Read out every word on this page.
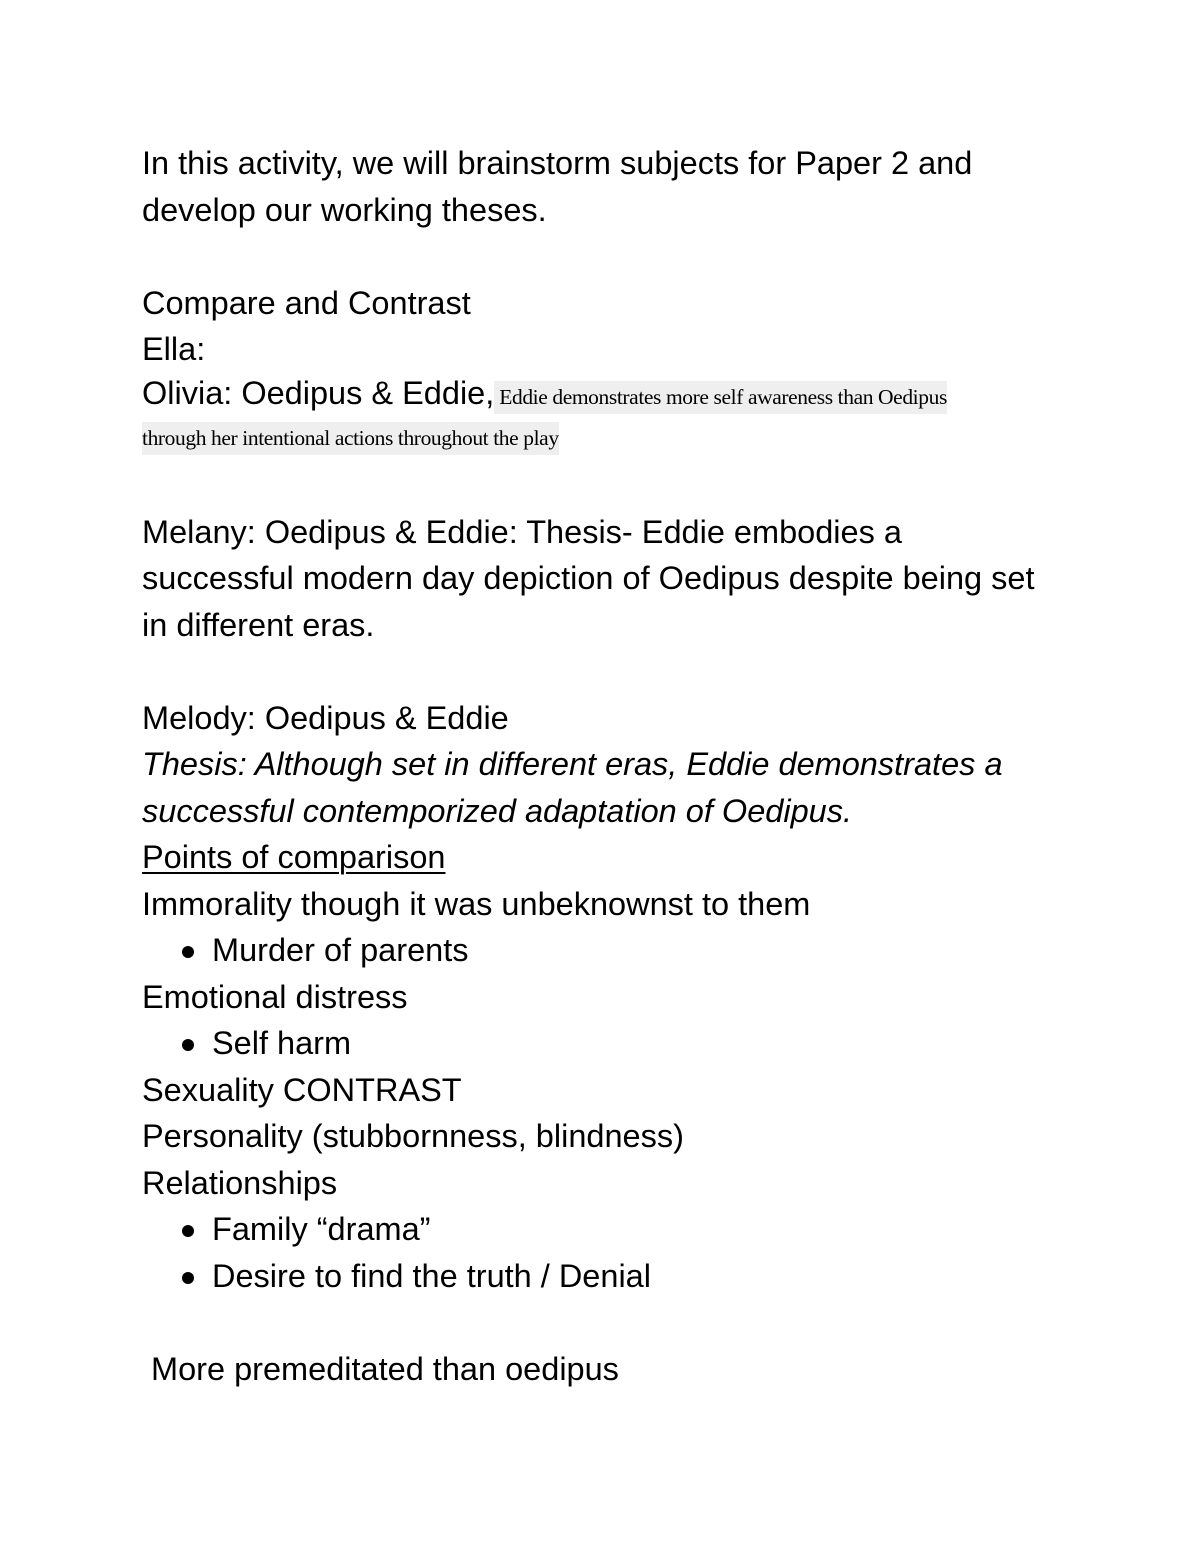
In this activity, we will brainstorm subjects for Paper 2 and develop our working theses.
Compare and Contrast
Ella:
Olivia: Oedipus & Eddie, Eddie demonstrates more self awareness than Oedipus
through her intentional actions throughout the play
Melany: Oedipus & Eddie: Thesis- Eddie embodies a successful modern day depiction of Oedipus despite being set in different eras.
Melody: Oedipus & Eddie
Thesis: Although set in different eras, Eddie demonstrates a successful contemporized adaptation of Oedipus.
Points of comparison
Immorality though it was unbeknownst to them
Murder of parents
Emotional distress
Self harm
Sexuality CONTRAST
Personality (stubbornness, blindness)
Relationships
Family “drama”
Desire to find the truth / Denial
More premeditated than oedipus
